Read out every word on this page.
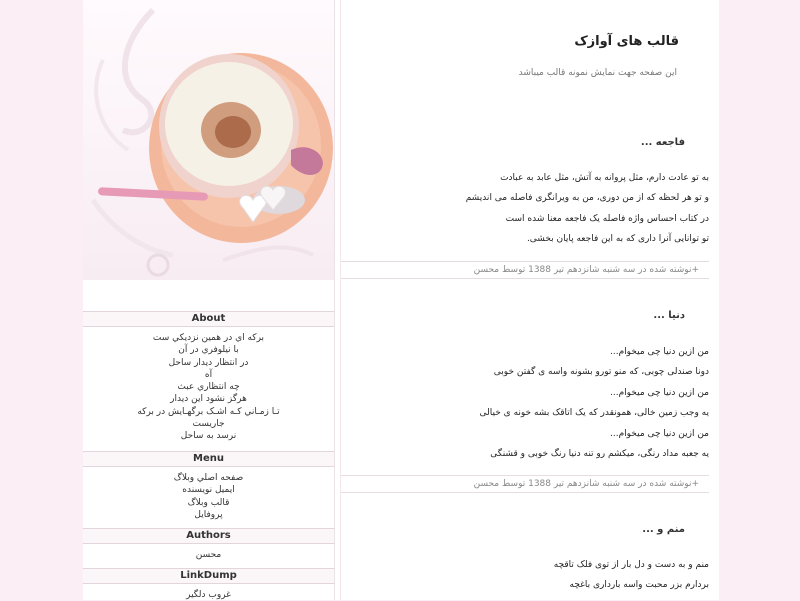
About
برکه اي در همين نزديکي ست
با نيلوفري در آن
در انتظار ديدار ساحل
آه
چه انتظاري عبث
هرگز نشود اين ديدار
تـا زمـاني کـه اشـک برگهـايش در برکه
جاريست
نرسد به ساحل
Menu
صفحه اصلي وبلاگ
ايميل نويسنده
قالب وبلاگ
پروفايل
Authors
محسن
LinkDump
غروب دلگير
قالب های آوازک
این صفحه جهت نمایش نمونه قالب میباشد
فاجعه ...
به تو عادت دارم، مثل پروانه به آتش، مثل عابد به عبادت
و تو هر لحظه که از من دوری، من به ویرانگری فاصله می اندیشم
در کتاب احساس واژه فاصله یک فاجعه معنا شده است
تو توانایی آنرا داری که به این فاجعه پایان بخشی.
+نوشته شده در سه شنبه شانزدهم تیر 1388 توسط محسن
دنیا ...
من ازین دنیا چی میخوام...
دونا صندلی چوبی، که منو تورو بشونه واسه ی گفتن خوبی
من ازین دنیا چی میخوام...
یه وجب زمین خالی، همونقدر که یک اتاقک بشه خونه ی خیالی
من ازین دنیا چی میخوام...
یه جعبه مداد رنگی، میکشم رو تنه دنیا رنگ خوبی و قشنگی
+نوشته شده در سه شنبه شانزدهم تیر 1388 توسط محسن
منم و ...
منم و به دست و دل بار از توی فلک تاقچه
بردارم بزر محبت واسه بارداری باغچه
